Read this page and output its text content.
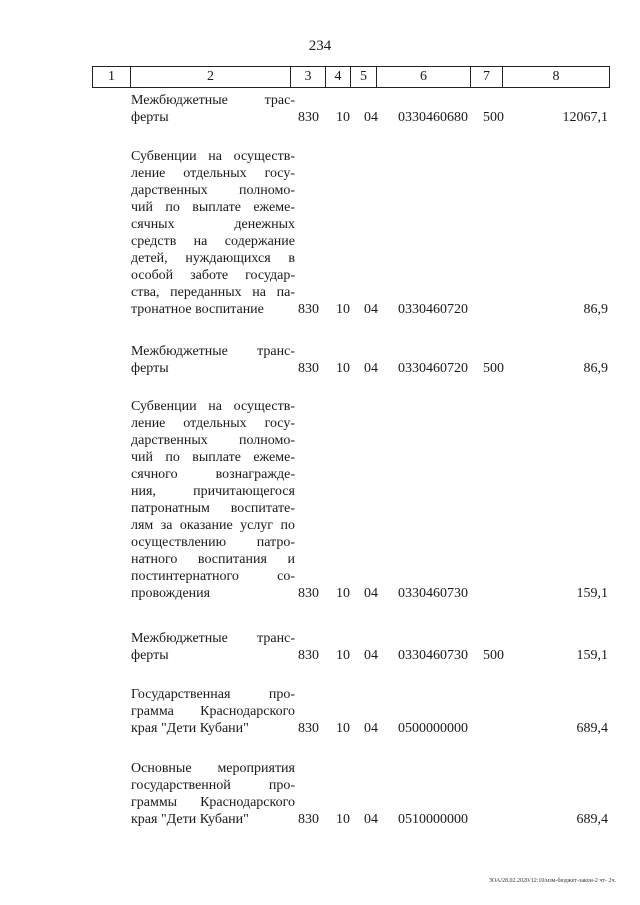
234
1	2	3	4	5	6	7	8
Межбюджетные трас-
ферты	830 10 04 0330460680 500	12067,1
Субвенции на осуществ-
ление отдельных госу-
дарственных полномо-
чий по выплате ежеме-
сячных денежных
средств на содержание
детей, нуждающихся в
особой заботе государ-
ства, переданных на па-
тронатное воспитание	830 10 04 0330460720	86,9
Межбюджетные транс-
ферты	830 10 04 0330460720 500	86,9
Субвенции на осуществ-
ление отдельных госу-
дарственных полномо-
чий по выплате ежеме-
сячного вознагражде-
ния, причитающегося
патронатным воспитате-
лям за оказание услуг по
осуществлению патро-
натного воспитания и
постинтернатного со-
провождения	830 10 04 0330460730	159,1
Межбюджетные транс-
ферты	830 10 04 0330460730 500	159,1
Государственная про-
грамма Краснодарского
края "Дети Кубани"	830 10 04 0500000000	689,4
Основные мероприятия
государственной про-
граммы Краснодарского
края "Дети Кубани"	830 10 04 0510000000	689,4
ЗОА/28.02.2020/12:10/изм-бюджет-закон-2 чт- 2ч.
